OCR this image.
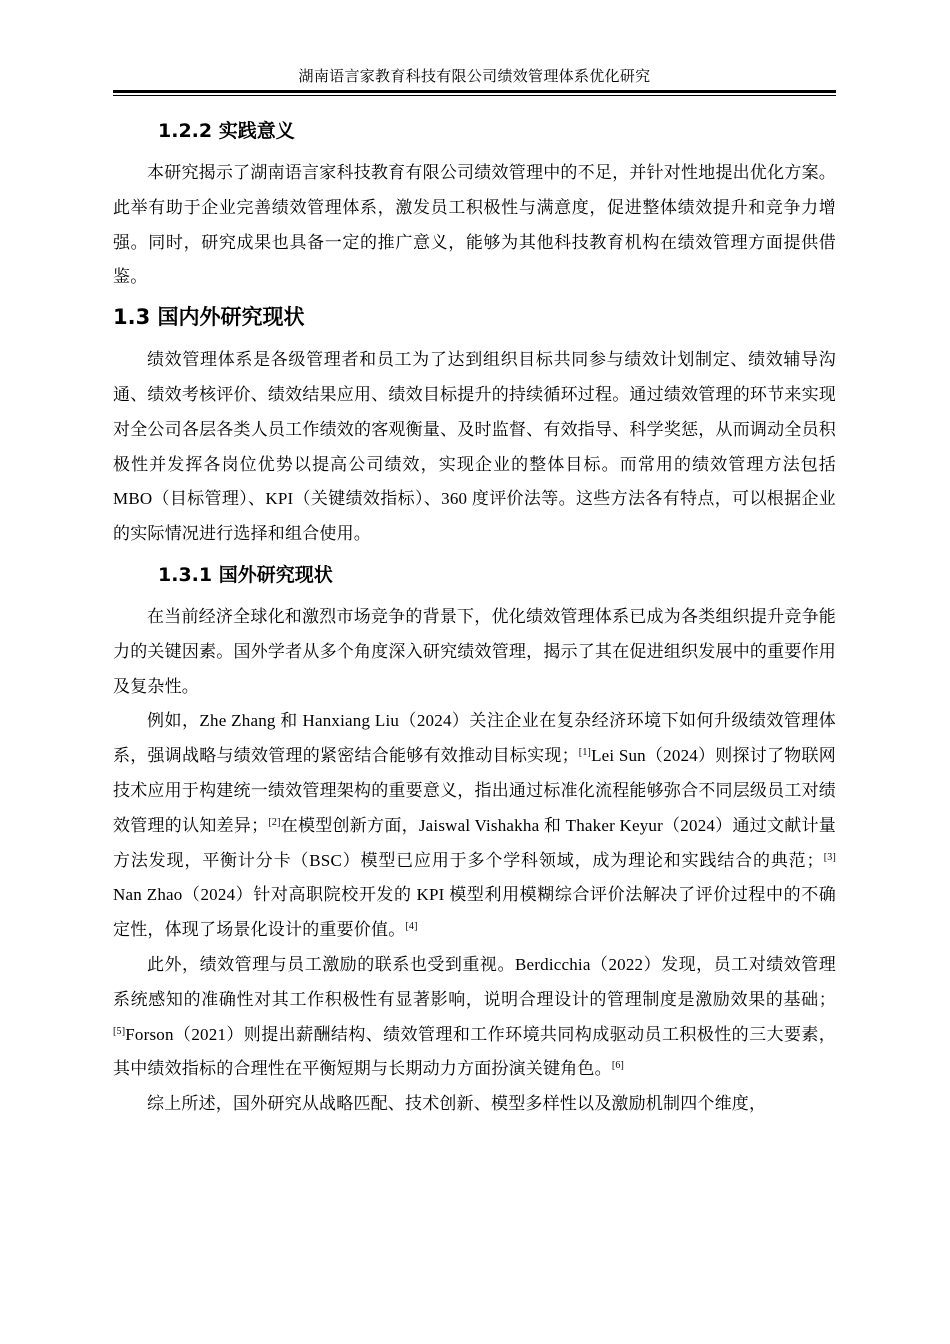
湖南语言家教育科技有限公司绩效管理体系优化研究
1.2.2 实践意义

本研究揭示了湖南语言家科技教育有限公司绩效管理中的不足，并针对性地提出优化方案。此举有助于企业完善绩效管理体系，激发员工积极性与满意度，促进整体绩效提升和竞争力增强。同时，研究成果也具备一定的推广意义，能够为其他科技教育机构在绩效管理方面提供借鉴。

1.3 国内外研究现状

绩效管理体系是各级管理者和员工为了达到组织目标共同参与绩效计划制定、绩效辅导沟通、绩效考核评价、绩效结果应用、绩效目标提升的持续循环过程。通过绩效管理的环节来实现对全公司各层各类人员工作绩效的客观衡量、及时监督、有效指导、科学奖惩，从而调动全员积极性并发挥各岗位优势以提高公司绩效，实现企业的整体目标。而常用的绩效管理方法包括 MBO（目标管理）、KPI（关键绩效指标）、360 度评价法等。这些方法各有特点，可以根据企业的实际情况进行选择和组合使用。

1.3.1 国外研究现状

在当前经济全球化和激烈市场竞争的背景下，优化绩效管理体系已成为各类组织提升竞争能力的关键因素。国外学者从多个角度深入研究绩效管理，揭示了其在促进组织发展中的重要作用及复杂性。

例如，Zhe Zhang 和 Hanxiang Liu（2024）关注企业在复杂经济环境下如何升级绩效管理体系，强调战略与绩效管理的紧密结合能够有效推动目标实现；[1]Lei Sun（2024）则探讨了物联网技术应用于构建统一绩效管理架构的重要意义，指出通过标准化流程能够弥合不同层级员工对绩效管理的认知差异；[2]在模型创新方面，Jaiswal Vishakha 和 Thaker Keyur（2024）通过文献计量方法发现，平衡计分卡（BSC）模型已应用于多个学科领域，成为理论和实践结合的典范；[3] Nan Zhao（2024）针对高职院校开发的 KPI 模型利用模糊综合评价法解决了评价过程中的不确定性，体现了场景化设计的重要价值。[4]

此外，绩效管理与员工激励的联系也受到重视。Berdicchia（2022）发现，员工对绩效管理系统感知的准确性对其工作积极性有显著影响，说明合理设计的管理制度是激励效果的基础；[5]Forson（2021）则提出薪酬结构、绩效管理和工作环境共同构成驱动员工积极性的三大要素，其中绩效指标的合理性在平衡短期与长期动力方面扮演关键角色。[6]

综上所述，国外研究从战略匹配、技术创新、模型多样性以及激励机制四个维度，
